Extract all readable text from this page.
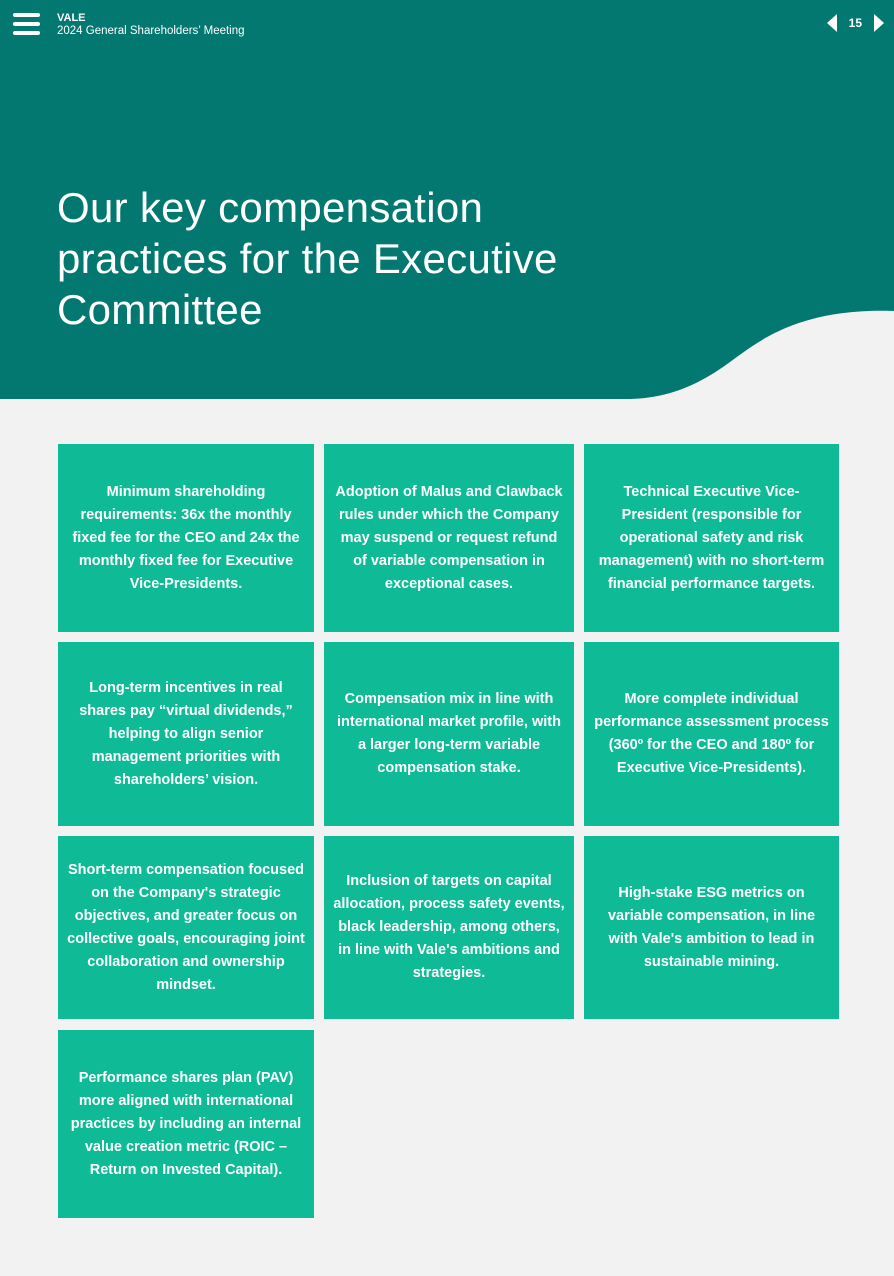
VALE
2024 General Shareholders’ Meeting
15
Our key compensation practices for the Executive Committee
Minimum shareholding requirements: 36x the monthly fixed fee for the CEO and 24x the monthly fixed fee for Executive Vice-Presidents.
Adoption of Malus and Clawback rules under which the Company may suspend or request refund of variable compensation in exceptional cases.
Technical Executive Vice-President (responsible for operational safety and risk management) with no short-term financial performance targets.
Long-term incentives in real shares pay “virtual dividends,” helping to align senior management priorities with shareholders’ vision.
Compensation mix in line with international market profile, with a larger long-term variable compensation stake.
More complete individual performance assessment process (360º for the CEO and 180º for Executive Vice-Presidents).
Short-term compensation focused on the Company's strategic objectives, and greater focus on collective goals, encouraging joint collaboration and ownership mindset.
Inclusion of targets on capital allocation, process safety events, black leadership, among others, in line with Vale's ambitions and strategies.
High-stake ESG metrics on variable compensation, in line with Vale's ambition to lead in sustainable mining.
Performance shares plan (PAV) more aligned with international practices by including an internal value creation metric (ROIC – Return on Invested Capital).
